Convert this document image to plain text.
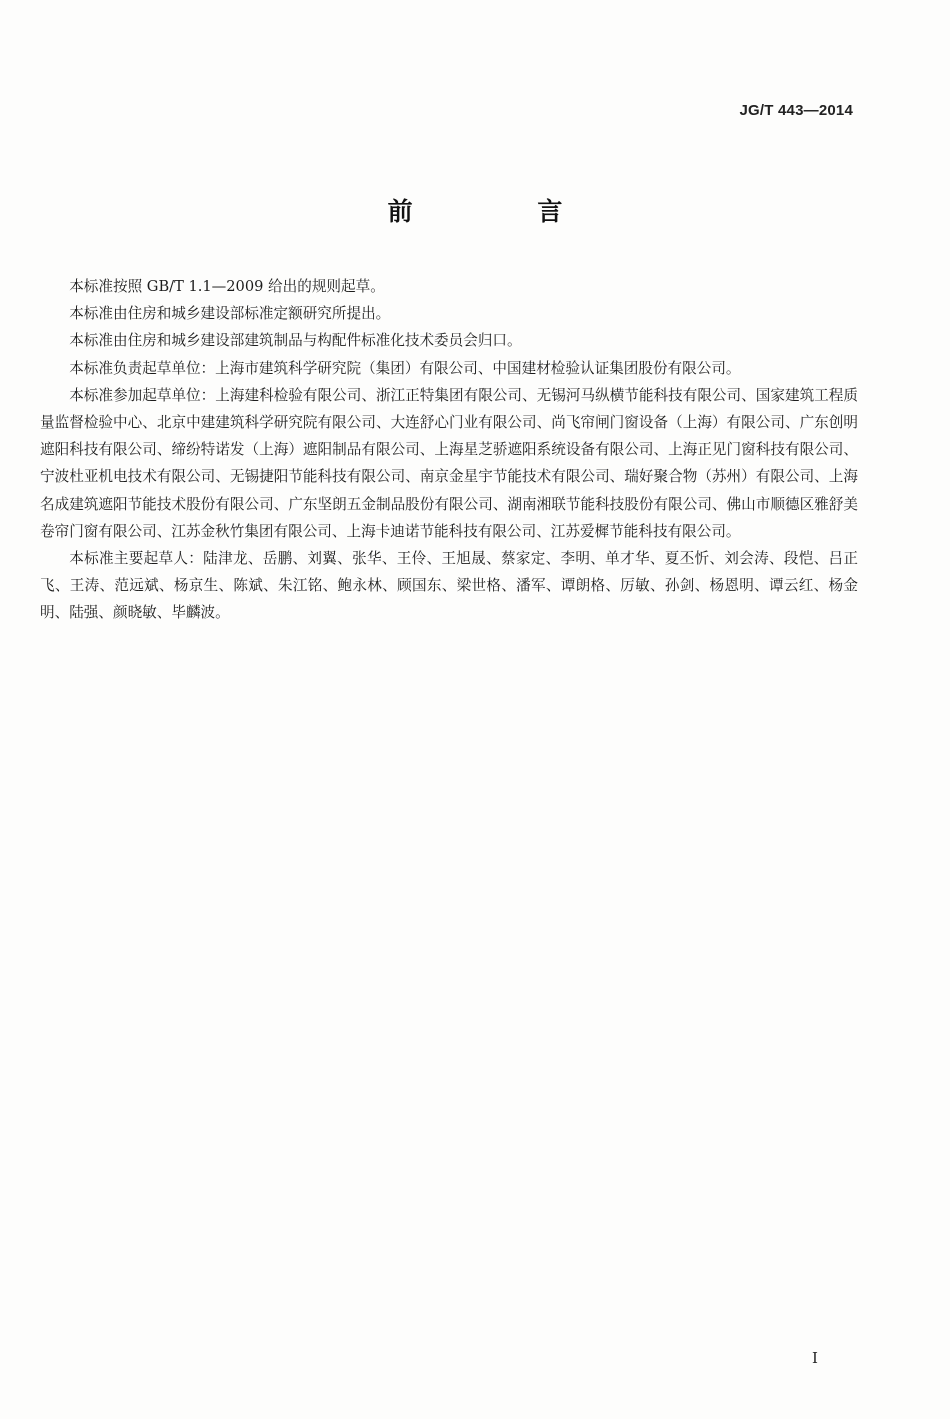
JG/T 443—2014
前 言

本标准按照 GB/T 1.1—2009 给出的规则起草。

本标准由住房和城乡建设部标准定额研究所提出。

本标准由住房和城乡建设部建筑制品与构配件标准化技术委员会归口。

本标准负责起草单位：上海市建筑科学研究院（集团）有限公司、中国建材检验认证集团股份有限公司。

本标准参加起草单位：上海建科检验有限公司、浙江正特集团有限公司、无锡河马纵横节能科技有限公司、国家建筑工程质量监督检验中心、北京中建建筑科学研究院有限公司、大连舒心门业有限公司、尚飞帘闸门窗设备（上海）有限公司、广东创明遮阳科技有限公司、缔纷特诺发（上海）遮阳制品有限公司、上海星芝骄遮阳系统设备有限公司、上海正见门窗科技有限公司、宁波杜亚机电技术有限公司、无锡捷阳节能科技有限公司、南京金星宇节能技术有限公司、瑞好聚合物（苏州）有限公司、上海名成建筑遮阳节能技术股份有限公司、广东坚朗五金制品股份有限公司、湖南湘联节能科技股份有限公司、佛山市顺德区雅舒美卷帘门窗有限公司、江苏金秋竹集团有限公司、上海卡迪诺节能科技有限公司、江苏爱樨节能科技有限公司。

本标准主要起草人：陆津龙、岳鹏、刘翼、张华、王伶、王旭晟、蔡家定、李明、单才华、夏丕忻、刘会涛、段恺、吕正飞、王涛、范远斌、杨京生、陈斌、朱江铭、鲍永林、顾国东、梁世格、潘军、谭朗格、厉敏、孙剑、杨恩明、谭云红、杨金明、陆强、颜晓敏、毕麟波。

I
